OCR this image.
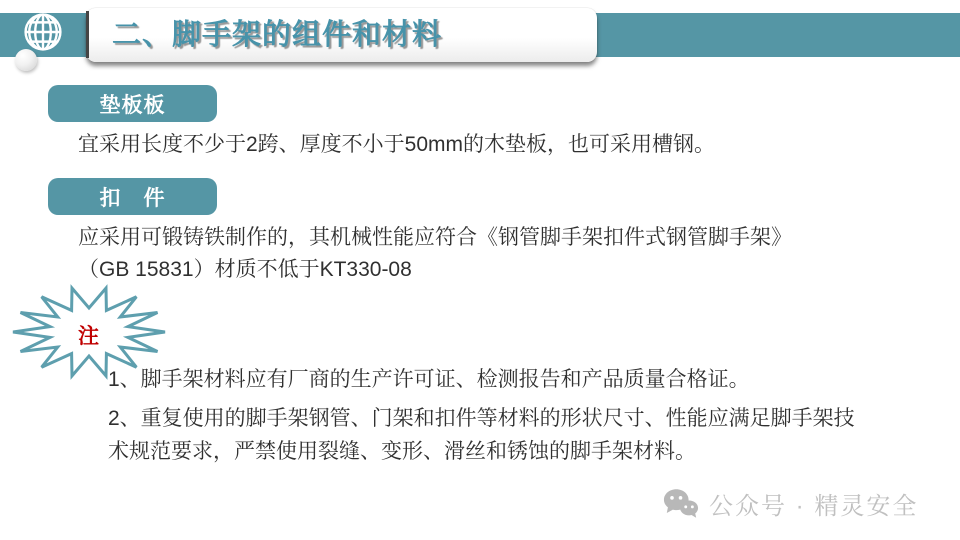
二、脚手架的组件和材料
垫板板

宜采用长度不少于2跨、厚度不小于50mm的木垫板，也可采用槽钢。

扣　件
应采用可锻铸铁制作的，其机械性能应符合《钢管脚手架扣件式钢管脚手架》
（GB 15831）材质不低于KT330-08
注

1、脚手架材料应有厂商的生产许可证、检测报告和产品质量合格证。

2、重复使用的脚手架钢管、门架和扣件等材料的形状尺寸、性能应满足脚手架技

术规范要求，严禁使用裂缝、变形、滑丝和锈蚀的脚手架材料。

公众号 · 精灵安全
